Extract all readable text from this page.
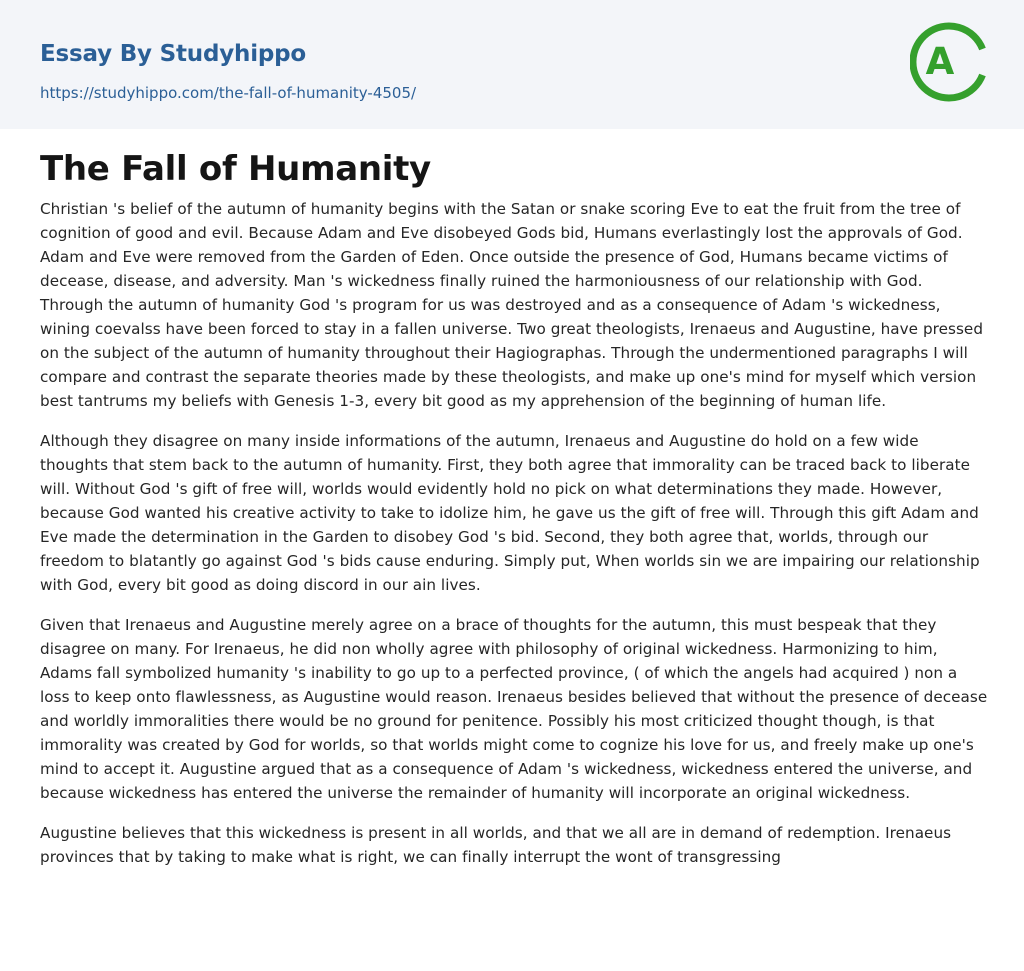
Essay By Studyhippo
https://studyhippo.com/the-fall-of-humanity-4505/
A
The Fall of Humanity

Christian 's belief of the autumn of humanity begins with the Satan or snake scoring Eve to eat the fruit from the tree of cognition of good and evil. Because Adam and Eve disobeyed Gods bid, Humans everlastingly lost the approvals of God. Adam and Eve were removed from the Garden of Eden. Once outside the presence of God, Humans became victims of decease, disease, and adversity. Man 's wickedness finally ruined the harmoniousness of our relationship with God. Through the autumn of humanity God 's program for us was destroyed and as a consequence of Adam 's wickedness, wining coevalss have been forced to stay in a fallen universe. Two great theologists, Irenaeus and Augustine, have pressed on the subject of the autumn of humanity throughout their Hagiographas. Through the undermentioned paragraphs I will compare and contrast the separate theories made by these theologists, and make up one's mind for myself which version best tantrums my beliefs with Genesis 1-3, every bit good as my apprehension of the beginning of human life.

Although they disagree on many inside informations of the autumn, Irenaeus and Augustine do hold on a few wide thoughts that stem back to the autumn of humanity. First, they both agree that immorality can be traced back to liberate will. Without God 's gift of free will, worlds would evidently hold no pick on what determinations they made. However, because God wanted his creative activity to take to idolize him, he gave us the gift of free will. Through this gift Adam and Eve made the determination in the Garden to disobey God 's bid. Second, they both agree that, worlds, through our freedom to blatantly go against God 's bids cause enduring. Simply put, When worlds sin we are impairing our relationship with God, every bit good as doing discord in our ain lives.

Given that Irenaeus and Augustine merely agree on a brace of thoughts for the autumn, this must bespeak that they disagree on many. For Irenaeus, he did non wholly agree with philosophy of original wickedness. Harmonizing to him, Adams fall symbolized humanity 's inability to go up to a perfected province, ( of which the angels had acquired ) non a loss to keep onto flawlessness, as Augustine would reason. Irenaeus besides believed that without the presence of decease and worldly immoralities there would be no ground for penitence. Possibly his most criticized thought though, is that immorality was created by God for worlds, so that worlds might come to cognize his love for us, and freely make up one's mind to accept it. Augustine argued that as a consequence of Adam 's wickedness, wickedness entered the universe, and because wickedness has entered the universe the remainder of humanity will incorporate an original wickedness.

Augustine believes that this wickedness is present in all worlds, and that we all are in demand of redemption. Irenaeus provinces that by taking to make what is right, we can finally interrupt the wont of transgressing
